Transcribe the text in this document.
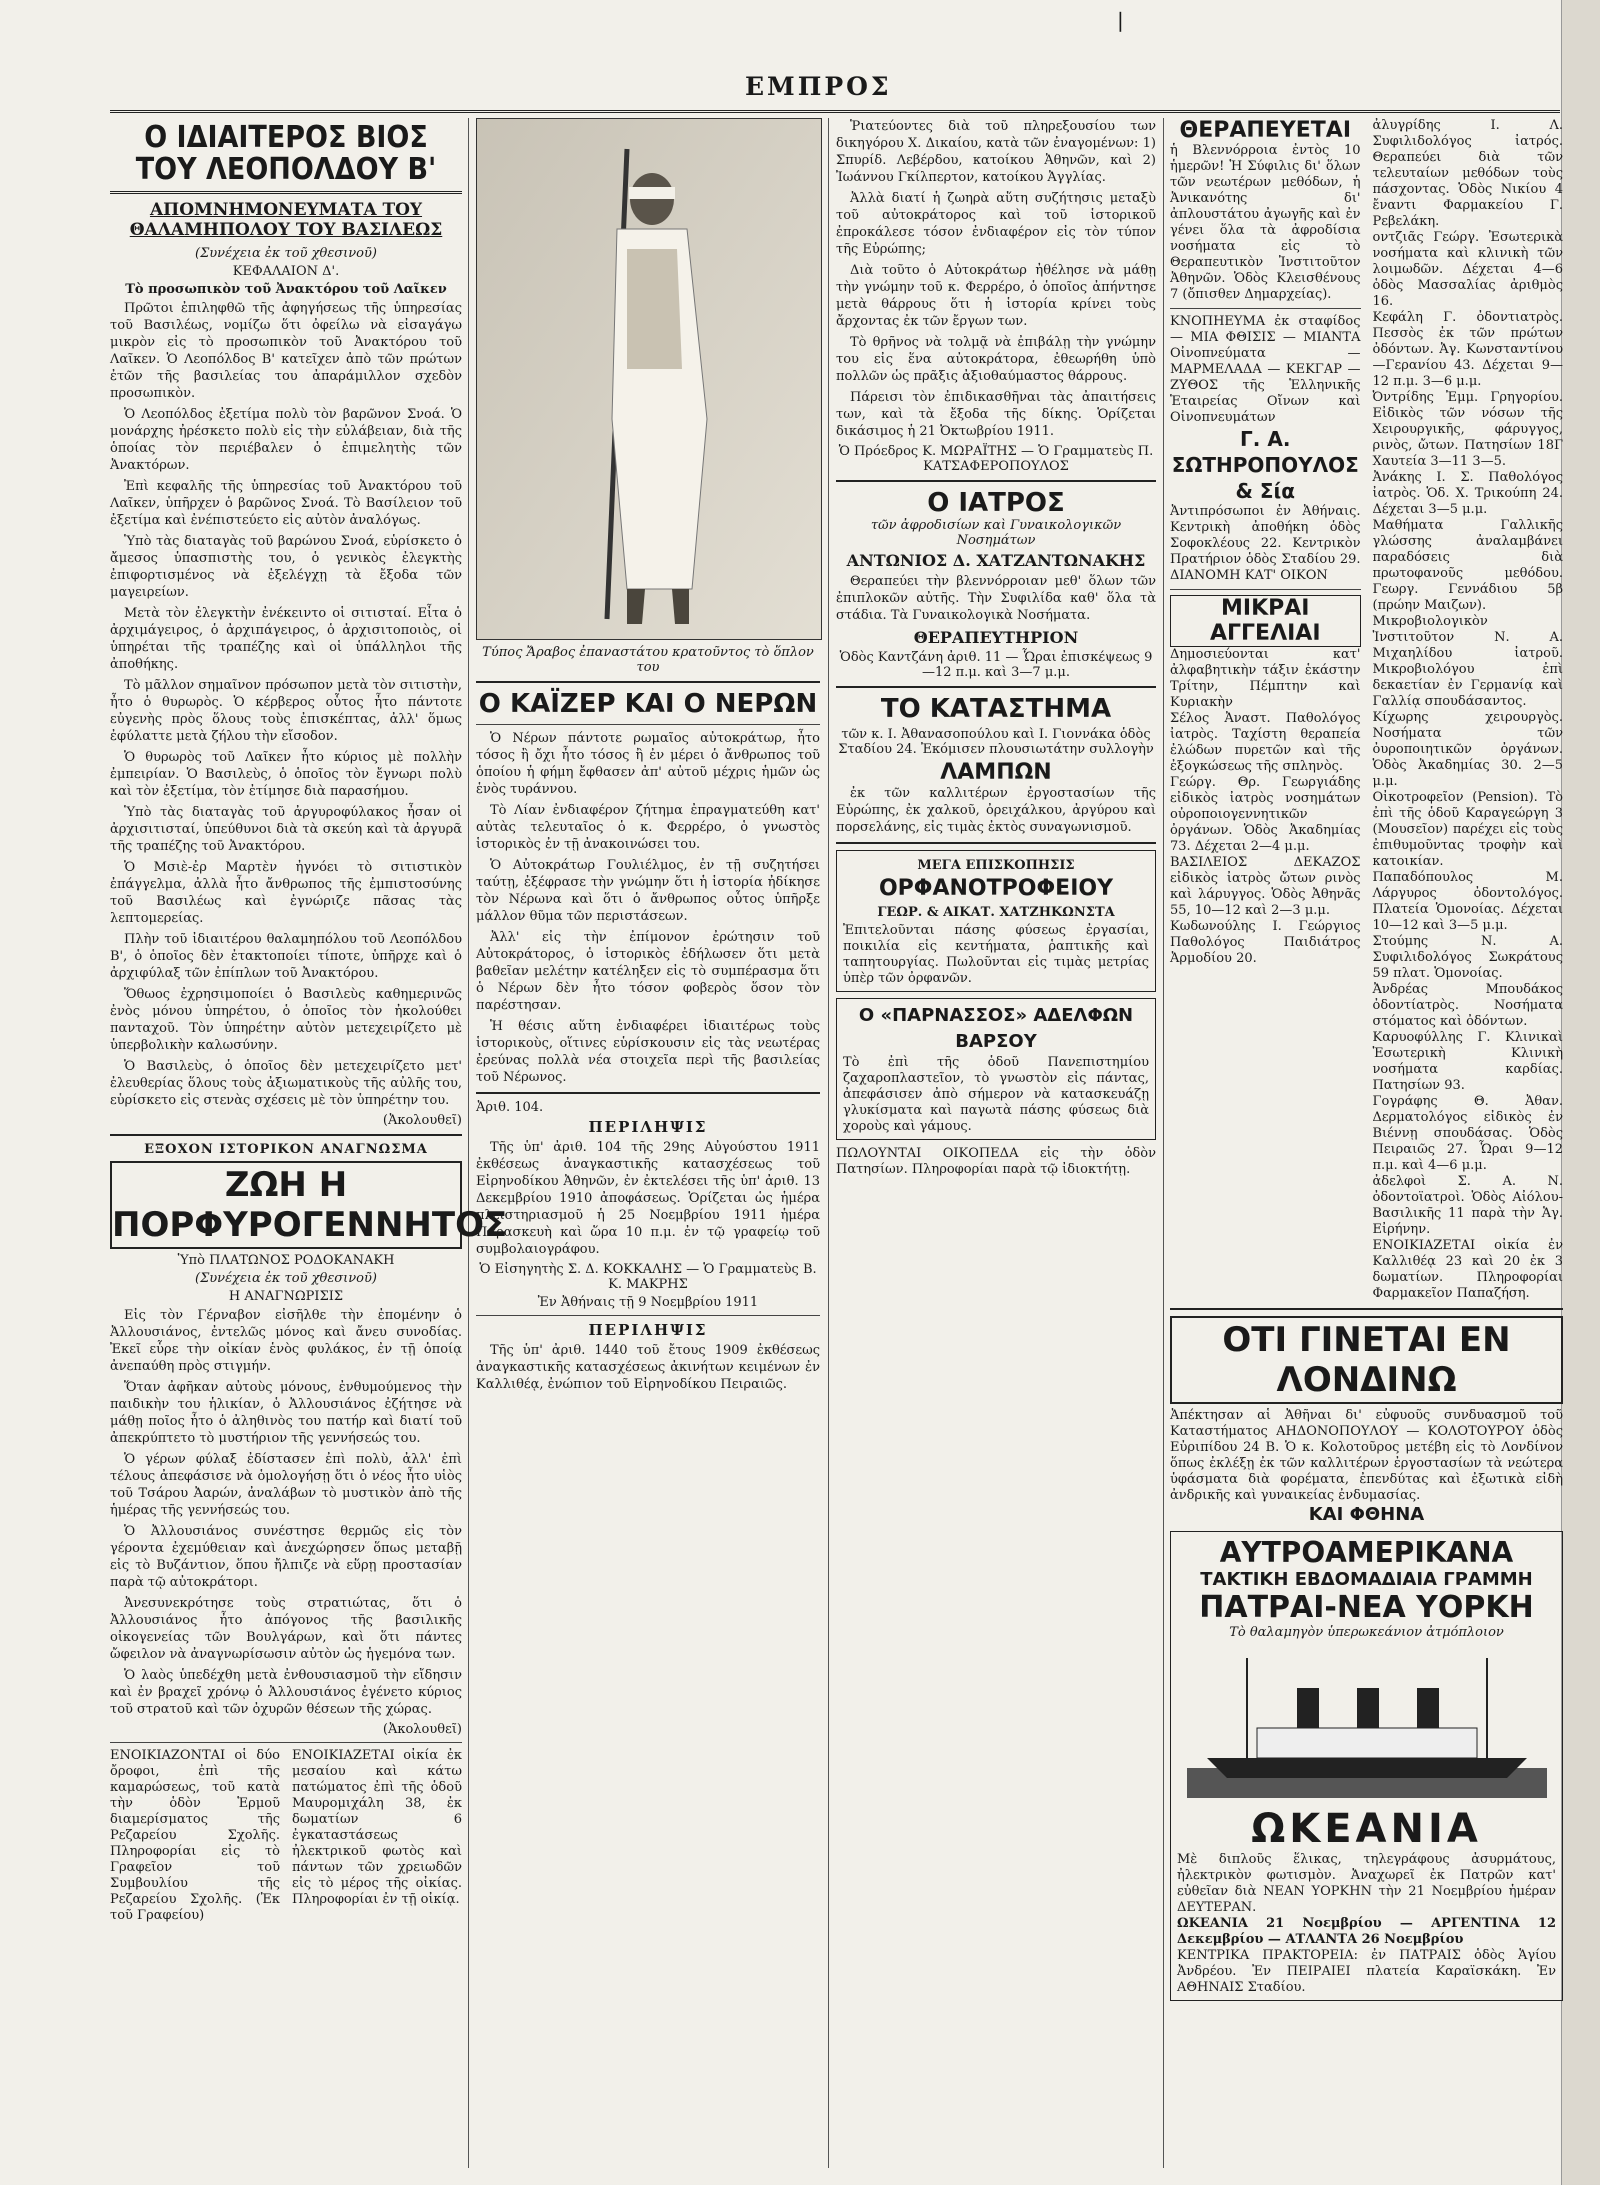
ΕΜΠΡΟΣ
❘
Ο ΙΔΙΑΙΤΕΡΟΣ ΒΙΟΣ ΤΟΥ ΛΕΟΠΟΛΔΟΥ Β'
ΑΠΟΜΝΗΜΟΝΕΥΜΑΤΑ ΤΟΥ ΘΑΛΑΜΗΠΟΛΟΥ ΤΟΥ ΒΑΣΙΛΕΩΣ
(Συνέχεια ἐκ τοῦ χθεσινοῦ)
ΚΕΦΑΛΑΙΟΝ Δ'.
Τὸ προσωπικὸν τοῦ Ἀνακτόρου τοῦ Λαῖκεν

Πρῶτοι ἐπιληφθῶ τῆς ἀφηγήσεως τῆς ὑπηρεσίας τοῦ Βασιλέως, νομίζω ὅτι ὀφείλω νὰ εἰσαγάγω μικρὸν εἰς τὸ προσωπικὸν τοῦ Ἀνακτόρου τοῦ Λαῖκεν. Ὁ Λεοπόλδος Β' κατεῖχεν ἀπὸ τῶν πρώτων ἐτῶν τῆς βασιλείας του ἀπαράμιλλον σχεδὸν προσωπικὸν.

Ὁ Λεοπόλδος ἐξετίμα πολὺ τὸν βαρῶνον Σνοά. Ὁ μονάρχης ἠρέσκετο πολὺ εἰς τὴν εὐλάβειαν, διὰ τῆς ὁποίας τὸν περιέβαλεν ὁ ἐπιμελητὴς τῶν Ἀνακτόρων.

Ἐπὶ κεφαλῆς τῆς ὑπηρεσίας τοῦ Ἀνακτόρου τοῦ Λαῖκεν, ὑπῆρχεν ὁ βαρῶνος Σνοά. Τὸ Βασίλειον τοῦ ἐξετίμα καὶ ἐνέπιστεύετο εἰς αὐτὸν ἀναλόγως.

Ὑπὸ τὰς διαταγὰς τοῦ βαρώνου Σνοά, εὑρίσκετο ὁ ἄμεσος ὑπασπιστὴς του, ὁ γενικὸς ἐλεγκτὴς ἐπιφορτισμένος νὰ ἐξελέγχῃ τὰ ἔξοδα τῶν μαγειρείων.

Μετὰ τὸν ἐλεγκτὴν ἐνέκειντο οἱ σιτισταί. Εἶτα ὁ ἀρχιμάγειρος, ὁ ἀρχιπάγειρος, ὁ ἀρχισιτοποιὸς, οἱ ὑπηρέται τῆς τραπέζης καὶ οἱ ὑπάλληλοι τῆς ἀποθήκης.

Τὸ μᾶλλον σημαῖνον πρόσωπον μετὰ τὸν σιτιστὴν, ἦτο ὁ θυρωρὸς. Ὁ κέρβερος οὗτος ἦτο πάντοτε εὐγενὴς πρὸς ὅλους τοὺς ἐπισκέπτας, ἀλλ' ὅμως ἐφύλαττε μετὰ ζήλου τὴν εἴσοδον.

Ὁ θυρωρὸς τοῦ Λαῖκεν ἦτο κύριος μὲ πολλὴν ἐμπειρίαν. Ὁ Βασιλεὺς, ὁ ὁποῖος τὸν ἔγνωρι πολὺ καὶ τὸν ἐξετίμα, τὸν ἐτίμησε διὰ παρασήμου.

Ὑπὸ τὰς διαταγὰς τοῦ ἀργυροφύλακος ἦσαν οἱ ἀρχισιτισταί, ὑπεύθυνοι διὰ τὰ σκεύη καὶ τὰ ἀργυρᾶ τῆς τραπέζης τοῦ Ἀνακτόρου.

Ὁ Μσιὲ-ἐρ Μαρτὲν ἠγνόει τὸ σιτιστικὸν ἐπάγγελμα, ἀλλὰ ἦτο ἄνθρωπος τῆς ἐμπιστοσύνης τοῦ Βασιλέως καὶ ἐγνώριζε πᾶσας τὰς λεπτομερείας.

Πλὴν τοῦ ἰδιαιτέρου θαλαμηπόλου τοῦ Λεοπόλδου Β', ὁ ὁποῖος δὲν ἐτακτοποίει τίποτε, ὑπῆρχε καὶ ὁ ἀρχιφύλαξ τῶν ἐπίπλων τοῦ Ἀνακτόρου.

Ὅθωος ἐχρησιμοποίει ὁ Βασιλεὺς καθημερινῶς ἐνὸς μόνου ὑπηρέτου, ὁ ὁποῖος τὸν ἠκολούθει πανταχοῦ. Τὸν ὑπηρέτην αὐτὸν μετεχειρίζετο μὲ ὑπερβολικὴν καλωσύνην.

Ὁ Βασιλεὺς, ὁ ὁποῖος δὲν μετεχειρίζετο μετ' ἐλευθερίας ὅλους τοὺς ἀξιωματικοὺς τῆς αὐλῆς του, εὑρίσκετο εἰς στενὰς σχέσεις μὲ τὸν ὑπηρέτην του.

(Ἀκολουθεῖ)
ΕΞΟΧΟΝ ΙΣΤΟΡΙΚΟΝ ΑΝΑΓΝΩΣΜΑ
ΖΩΗ Η ΠΟΡΦΥΡΟΓΕΝΝΗΤΟΣ
Ὑπὸ ΠΛΑΤΩΝΟΣ ΡΟΔΟΚΑΝΑΚΗ
(Συνέχεια ἐκ τοῦ χθεσινοῦ)
Η ΑΝΑΓΝΩΡΙΣΙΣ

Εἰς τὸν Γέρναβον εἰσῆλθε τὴν ἐπομένην ὁ Ἀλλουσιάνος, ἐντελῶς μόνος καὶ ἄνευ συνοδίας. Ἐκεῖ εὗρε τὴν οἰκίαν ἑνὸς φυλάκος, ἐν τῇ ὁποίᾳ ἀνεπαύθη πρὸς στιγμήν.

Ὅταν ἀφῆκαν αὐτοὺς μόνους, ἐνθυμούμενος τὴν παιδικὴν του ἡλικίαν, ὁ Ἀλλουσιάνος ἐζήτησε νὰ μάθῃ ποῖος ἦτο ὁ ἀληθινὸς του πατήρ καὶ διατί τοῦ ἀπεκρύπτετο τὸ μυστήριον τῆς γεννήσεώς του.

Ὁ γέρων φύλαξ ἐδίστασεν ἐπὶ πολὺ, ἀλλ' ἐπὶ τέλους ἀπεφάσισε νὰ ὁμολογήσῃ ὅτι ὁ νέος ἦτο υἱὸς τοῦ Τσάρου Ἀαρών, ἀναλάβων τὸ μυστικὸν ἀπὸ τῆς ἡμέρας τῆς γεννήσεώς του.

Ὁ Ἀλλουσιάνος συνέστησε θερμῶς εἰς τὸν γέροντα ἐχεμύθειαν καὶ ἀνεχώρησεν ὅπως μεταβῇ εἰς τὸ Βυζάντιον, ὅπου ἤλπιζε νὰ εὕρῃ προστασίαν παρὰ τῷ αὐτοκράτορι.

Ἀνεσυνεκρότησε τοὺς στρατιώτας, ὅτι ὁ Ἀλλουσιάνος ἦτο ἀπόγονος τῆς βασιλικῆς οἰκογενείας τῶν Βουλγάρων, καὶ ὅτι πάντες ὤφειλον νὰ ἀναγνωρίσωσιν αὐτὸν ὡς ἡγεμόνα των.

Ὁ λαὸς ὑπεδέχθη μετὰ ἐνθουσιασμοῦ τὴν εἴδησιν καὶ ἐν βραχεῖ χρόνῳ ὁ Ἀλλουσιάνος ἐγένετο κύριος τοῦ στρατοῦ καὶ τῶν ὀχυρῶν θέσεων τῆς χώρας.

(Ἀκολουθεῖ)
ΕΝΟΙΚΙΑΖΟΝΤΑΙ οἱ δύο ὄροφοι, ἐπὶ τῆς καμαρώσεως, τοῦ κατὰ τὴν ὁδὸν Ἑρμοῦ διαμερίσματος τῆς Ρεζαρείου Σχολῆς. Πληροφορίαι εἰς τὸ Γραφεῖον τοῦ Συμβουλίου τῆς Ρεζαρείου Σχολῆς. (Ἐκ τοῦ Γραφείου)
ΕΝΟΙΚΙΑΖΕΤΑΙ οἰκία ἐκ μεσαίου καὶ κάτω πατώματος ἐπὶ τῆς ὁδοῦ Μαυρομιχάλη 38, ἐκ δωματίων 6 ἐγκαταστάσεως ἠλεκτρικοῦ φωτὸς καὶ πάντων τῶν χρειωδῶν εἰς τὸ μέρος τῆς οἰκίας. Πληροφορίαι ἐν τῇ οἰκίᾳ.
Τύπος Ἄραβος ἐπαναστάτου κρατοῦντος τὸ ὅπλον του
Ο ΚΑΪΖΕΡ ΚΑΙ Ο ΝΕΡΩΝ

Ὁ Νέρων πάντοτε ρωμαῖος αὐτοκράτωρ, ἦτο τόσος ἢ ὄχι ἦτο τόσος ἢ ἐν μέρει ὁ ἄνθρωπος τοῦ ὁποίου ἡ φήμη ἔφθασεν ἀπ' αὐτοῦ μέχρις ἡμῶν ὡς ἑνὸς τυράννου.

Τὸ Λίαν ἐνδιαφέρον ζήτημα ἐπραγματεύθη κατ' αὐτὰς τελευταῖος ὁ κ. Φερρέρο, ὁ γνωστὸς ἱστορικὸς ἐν τῇ ἀνακοινώσει του.

Ὁ Αὐτοκράτωρ Γουλιέλμος, ἐν τῇ συζητήσει ταύτῃ, ἐξέφρασε τὴν γνώμην ὅτι ἡ ἱστορία ἠδίκησε τὸν Νέρωνα καὶ ὅτι ὁ ἄνθρωπος οὗτος ὑπῆρξε μάλλον θῦμα τῶν περιστάσεων.

Ἀλλ' εἰς τὴν ἐπίμονον ἐρώτησιν τοῦ Αὐτοκράτορος, ὁ ἱστορικὸς ἐδήλωσεν ὅτι μετὰ βαθεῖαν μελέτην κατέληξεν εἰς τὸ συμπέρασμα ὅτι ὁ Νέρων δὲν ἦτο τόσον φοβερὸς ὅσον τὸν παρέστησαν.

Ἡ θέσις αὕτη ἐνδιαφέρει ἰδιαιτέρως τοὺς ἱστορικοὺς, οἵτινες εὑρίσκουσιν εἰς τὰς νεωτέρας ἐρεύνας πολλὰ νέα στοιχεῖα περὶ τῆς βασιλείας τοῦ Νέρωνος.

Ἀριθ. 104.
ΠΕΡΙΛΗΨΙΣ

Τῆς ὑπ' ἀριθ. 104 τῆς 29ης Αὐγούστου 1911 ἐκθέσεως ἀναγκαστικῆς κατασχέσεως τοῦ Εἰρηνοδίκου Ἀθηνῶν, ἐν ἐκτελέσει τῆς ὑπ' ἀριθ. 13 Δεκεμβρίου 1910 ἀποφάσεως. Ὁρίζεται ὡς ἡμέρα πλειστηριασμοῦ ἡ 25 Νοεμβρίου 1911 ἡμέρα Παρασκευὴ καὶ ὥρα 10 π.μ. ἐν τῷ γραφείῳ τοῦ συμβολαιογράφου.

Ὁ Εἰσηγητὴς Σ. Δ. ΚΟΚΚΑΛΗΣ — Ὁ Γραμματεὺς Β. Κ. ΜΑΚΡΗΣ
Ἐν Ἀθήναις τῇ 9 Νοεμβρίου 1911
ΠΕΡΙΛΗΨΙΣ

Τῆς ὑπ' ἀριθ. 1440 τοῦ ἔτους 1909 ἐκθέσεως ἀναγκαστικῆς κατασχέσεως ἀκινήτων κειμένων ἐν Καλλιθέᾳ, ἐνώπιον τοῦ Εἰρηνοδίκου Πειραιῶς.

Ῥιατεύοντες διὰ τοῦ πληρεξουσίου των δικηγόρου Χ. Δικαίου, κατὰ τῶν ἐναγομένων: 1) Σπυρίδ. Λεβέρδου, κατοίκου Ἀθηνῶν, καὶ 2) Ἰωάννου Γκίλπερτον, κατοίκου Ἀγγλίας.

Ἀλλὰ διατί ἡ ζωηρὰ αὕτη συζήτησις μεταξὺ τοῦ αὐτοκράτορος καὶ τοῦ ἱστορικοῦ ἐπροκάλεσε τόσον ἐνδιαφέρον εἰς τὸν τύπον τῆς Εὐρώπης;

Διὰ τοῦτο ὁ Αὐτοκράτωρ ἠθέλησε νὰ μάθῃ τὴν γνώμην τοῦ κ. Φερρέρο, ὁ ὁποῖος ἀπήντησε μετὰ θάρρους ὅτι ἡ ἱστορία κρίνει τοὺς ἄρχοντας ἐκ τῶν ἔργων των.

Τὸ θρῆνος νὰ τολμᾷ νὰ ἐπιβάλῃ τὴν γνώμην του εἰς ἕνα αὐτοκράτορα, ἐθεωρήθη ὑπὸ πολλῶν ὡς πρᾶξις ἀξιοθαύμαστος θάρρους.

Πάρεισι τὸν ἐπιδικασθῆναι τὰς ἀπαιτήσεις των, καὶ τὰ ἔξοδα τῆς δίκης. Ὁρίζεται δικάσιμος ἡ 21 Ὀκτωβρίου 1911.

Ὁ Πρόεδρος Κ. ΜΩΡΑΪΤΗΣ — Ὁ Γραμματεὺς Π. ΚΑΤΣΑΦΕΡΟΠΟΥΛΟΣ
Ο ΙΑΤΡΟΣ
τῶν ἀφροδισίων καὶ Γυναικολογικῶν Νοσημάτων
ΑΝΤΩΝΙΟΣ Δ. ΧΑΤΖΑΝΤΩΝΑΚΗΣ

Θεραπεύει τὴν βλεννόρροιαν μεθ' ὅλων τῶν ἐπιπλοκῶν αὐτῆς. Τὴν Συφιλίδα καθ' ὅλα τὰ στάδια. Τὰ Γυναικολογικὰ Νοσήματα.

ΘΕΡΑΠΕΥΤΗΡΙΟΝ
Ὁδὸς Καντζάνη ἀριθ. 11 — Ὧραι ἐπισκέψεως 9—12 π.μ. καὶ 3—7 μ.μ.
ΤΟ ΚΑΤΑΣΤΗΜΑ
τῶν κ. Ι. Ἀθανασοπούλου καὶ Ι. Γιοννάκα ὁδὸς Σταδίου 24. Ἐκόμισεν πλουσιωτάτην συλλογὴν
ΛΑΜΠΩΝ

ἐκ τῶν καλλιτέρων ἐργοστασίων τῆς Εὐρώπης, ἐκ χαλκοῦ, ὀρειχάλκου, ἀργύρου καὶ πορσελάνης, εἰς τιμὰς ἐκτὸς συναγωνισμοῦ.

ΜΕΓΑ ΕΠΙΣΚΟΠΗΣΙΣ
ΟΡΦΑΝΟΤΡΟΦΕΙΟΥ
ΓΕΩΡ. & ΑΙΚΑΤ. ΧΑΤΖΗΚΩΝΣΤΑ
Ἐπιτελοῦνται πάσης φύσεως ἐργασίαι, ποικιλία εἰς κεντήματα, ῥαπτικῆς καὶ ταπητουργίας. Πωλοῦνται εἰς τιμὰς μετρίας ὑπὲρ τῶν ὀρφανῶν.
Ο «ΠΑΡΝΑΣΣΟΣ» ΑΔΕΛΦΩΝ ΒΑΡΣΟΥ
Τὸ ἐπὶ τῆς ὁδοῦ Πανεπιστημίου ζαχαροπλαστεῖον, τὸ γνωστὸν εἰς πάντας, ἀπεφάσισεν ἀπὸ σήμερον νὰ κατασκευάζῃ γλυκίσματα καὶ παγωτὰ πάσης φύσεως διὰ χοροὺς καὶ γάμους.
ΠΩΛΟΥΝΤΑΙ ΟΙΚΟΠΕΔΑ εἰς τὴν ὁδὸν Πατησίων. Πληροφορίαι παρὰ τῷ ἰδιοκτήτῃ.
ΘΕΡΑΠΕΥΕΤΑΙ
ἡ Βλεννόρροια ἐντὸς 10 ἡμερῶν! Ἡ Σύφιλις δι' ὅλων τῶν νεωτέρων μεθόδων, ἡ Ἀνικανότης δι' ἀπλουστάτου ἀγωγῆς καὶ ἐν γένει ὅλα τὰ ἀφροδίσια νοσήματα εἰς τὸ Θεραπευτικὸν Ἰνστιτοῦτον Ἀθηνῶν. Ὁδὸς Κλεισθένους 7 (ὄπισθεν Δημαρχείας).
ΚΝΟΠΗΕΥΜΑ ἐκ σταφίδος — ΜΙΑ ΦΘΙΣΙΣ — ΜΙΑΝΤΑ Οἰνοπνεύματα — ΜΑΡΜΕΛΑΔΑ — ΚΕΚΓΑΡ — ΖΥΘΟΣ τῆς Ἑλληνικῆς Ἑταιρείας Οἴνων καὶ Οἰνοπνευμάτων
Γ. Α. ΣΩΤΗΡΟΠΟΥΛΟΣ & Σία
Ἀντιπρόσωποι ἐν Ἀθήναις. Κεντρικὴ ἀποθήκη ὁδὸς Σοφοκλέους 22. Κεντρικὸν Πρατήριον ὁδὸς Σταδίου 29. ΔΙΑΝΟΜΗ ΚΑΤ' ΟΙΚΟΝ
ΜΙΚΡΑΙ ΑΓΓΕΛΙΑΙ
Δημοσιεύονται κατ' ἀλφαβητικὴν τάξιν ἑκάστην Τρίτην, Πέμπτην καὶ Κυριακὴν
Σέλος Ἀναστ. Παθολόγος ἰατρὸς. Ταχίστη θεραπεία ἐλώδων πυρετῶν καὶ τῆς ἐξογκώσεως τῆς σπληνὸς.
Γεώργ. Θρ. Γεωργιάδης εἰδικὸς ἰατρὸς νοσημάτων οὐροποιογεννητικῶν ὀργάνων. Ὁδὸς Ἀκαδημίας 73. Δέχεται 2—4 μ.μ.
ΒΑΣΙΛΕΙΟΣ ΔΕΚΑΖΟΣ εἰδικὸς ἰατρὸς ὤτων ρινὸς καὶ λάρυγγος. Ὁδὸς Ἀθηνᾶς 55, 10—12 καὶ 2—3 μ.μ.
Κωδωνούλης Ι. Γεώργιος Παθολόγος Παιδιάτρος Ἀρμοδίου 20.
ἀλυγρίδης Ι. Λ. Συφιλιδολόγος ἰατρός. Θεραπεύει διὰ τῶν τελευταίων μεθόδων τοὺς πάσχοντας. Ὁδὸς Νικίου 4 ἔναντι Φαρμακείου Γ. Ρεβελάκη.
οντζιᾶς Γεώργ. Ἐσωτερικὰ νοσήματα καὶ κλινικὴ τῶν λοιμωδῶν. Δέχεται 4—6 ὁδὸς Μασσαλίας ἀριθμὸς 16.
Κεφάλη Γ. ὀδοντιατρὸς. Πεσσὸς ἐκ τῶν πρώτων ὀδόντων. Ἀγ. Κωνσταντίνου—Γερανίου 43. Δέχεται 9—12 π.μ. 3—6 μ.μ.
Ὀντρίδης Ἐμμ. Γρηγορίου. Εἰδικὸς τῶν νόσων τῆς Χειρουργικῆς, φάρυγγος, ρινὸς, ὤτων. Πατησίων 18Γ Χαυτεία 3—11 3—5.
Ἀνάκης Ι. Σ. Παθολόγος ἰατρὸς. Ὁδ. Χ. Τρικούπη 24. Δέχεται 3—5 μ.μ.
Μαθήματα Γαλλικῆς γλώσσης ἀναλαμβάνει παραδόσεις διὰ πρωτοφανοῦς μεθόδου. Γεωργ. Γεννάδιου 5β (πρώην Μαιζων).
Μικροβιολογικὸν Ἰνστιτοῦτον Ν. Α. Μιχαηλίδου ἰατροῦ. Μικροβιολόγου ἐπὶ δεκαετίαν ἐν Γερμανίᾳ καὶ Γαλλίᾳ σπουδάσαντος.
Κίχωρης χειρουργὸς. Νοσήματα τῶν ὀυροποιητικῶν ὀργάνων. Ὁδὸς Ἀκαδημίας 30. 2—5 μ.μ.
Οἰκοτροφεῖον (Pension). Τὸ ἐπὶ τῆς ὁδοῦ Καραγεώργη 3 (Μουσεῖον) παρέχει εἰς τοὺς ἐπιθυμοῦντας τροφὴν καὶ κατοικίαν.
Παπαδόπουλος Μ. Λάργυρος ὀδοντολόγος. Πλατεία Ὁμονοίας. Δέχεται 10—12 καὶ 3—5 μ.μ.
Στούμης Ν. Α. Συφιλιδολόγος Σωκράτους 59 πλατ. Ὁμονοίας.
Ἀνδρέας Μπουδάκος ὀδοντίατρὸς. Νοσήματα στόματος καὶ ὀδόντων.
Καρυοφύλλης Γ. Κλινικαὶ Ἐσωτερικὴ Κλινικὴ νοσήματα καρδίας. Πατησίων 93.
Γογράφης Θ. Ἀθαν. Δερματολόγος εἰδικὸς ἐν Βιέννῃ σπουδάσας. Ὁδὸς Πειραιῶς 27. Ὧραι 9—12 π.μ. καὶ 4—6 μ.μ.
ἀδελφοὶ Σ. Α. Ν. ὀδοντοϊατροὶ. Ὁδὸς Αἰόλου-Βασιλικῆς 11 παρὰ τὴν Ἁγ. Εἰρήνην.
ΕΝΟΙΚΙΑΖΕΤΑΙ οἰκία ἐν Καλλιθέᾳ 23 καὶ 20 ἐκ 3 δωματίων. Πληροφορίαι Φαρμακεῖον Παπαζήση.
ΟΤΙ ΓΙΝΕΤΑΙ ΕΝ ΛΟΝΔΙΝΩ
Ἀπέκτησαν αἱ Ἀθῆναι δι' εὐφυοῦς συνδυασμοῦ τοῦ Καταστήματος ΑΗΔΟΝΟΠΟΥΛΟΥ — ΚΟΛΟΤΟΥΡΟΥ ὁδὸς Εὐριπίδου 24 Β. Ὁ κ. Κολοτοῦρος μετέβη εἰς τὸ Λονδίνον ὅπως ἐκλέξῃ ἐκ τῶν καλλιτέρων ἐργοστασίων τὰ νεώτερα ὑφάσματα διὰ φορέματα, ἐπενδύτας καὶ ἐξωτικὰ εἰδὴ ἀνδρικῆς καὶ γυναικείας ἐνδυμασίας.
ΚΑΙ ΦΘΗΝΑ
ΑΥΤΡΟΑΜΕΡΙΚΑΝΑ
ΤΑΚΤΙΚΗ ΕΒΔΟΜΑΔΙΑΙΑ ΓΡΑΜΜΗ
ΠΑΤΡΑΙ-ΝΕΑ ΥΟΡΚΗ
Τὸ θαλαμηγὸν ὑπερωκεάνιον ἀτμόπλοιον
ΩΚΕΑΝΙΑ
Μὲ διπλοῦς ἕλικας, τηλεγράφους ἀσυρμάτους, ἠλεκτρικὸν φωτισμὸν. Ἀναχωρεῖ ἐκ Πατρῶν κατ' εὐθεῖαν διὰ ΝΕΑΝ ΥΟΡΚΗΝ τὴν 21 Νοεμβρίου ἡμέραν ΔΕΥΤΕΡΑΝ.
ΩΚΕΑΝΙΑ 21 Νοεμβρίου — ΑΡΓΕΝΤΙΝΑ 12 Δεκεμβρίου — ΑΤΛΑΝΤΑ 26 Νοεμβρίου
ΚΕΝΤΡΙΚΑ ΠΡΑΚΤΟΡΕΙΑ: ἐν ΠΑΤΡΑΙΣ ὁδὸς Ἁγίου Ἀνδρέου. Ἐν ΠΕΙΡΑΙΕΙ πλατεία Καραϊσκάκη. Ἐν ΑΘΗΝΑΙΣ Σταδίου.
